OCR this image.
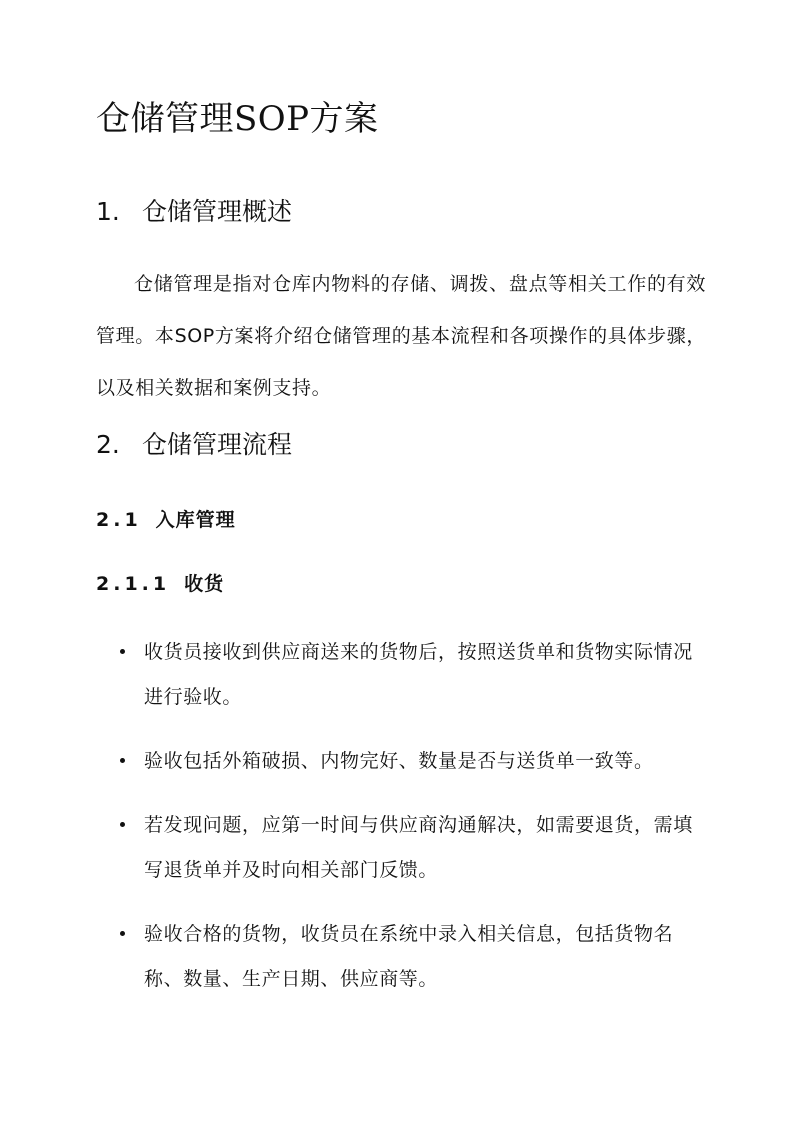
仓储管理SOP方案
1. 仓储管理概述

仓储管理是指对仓库内物料的存储、调拨、盘点等相关工作的有效管理。本SOP方案将介绍仓储管理的基本流程和各项操作的具体步骤，以及相关数据和案例支持。

2. 仓储管理流程
2.1 入库管理
2.1.1 收货
收货员接收到供应商送来的货物后，按照送货单和货物实际情况进行验收。
验收包括外箱破损、内物完好、数量是否与送货单一致等。
若发现问题，应第一时间与供应商沟通解决，如需要退货，需填写退货单并及时向相关部门反馈。
验收合格的货物，收货员在系统中录入相关信息，包括货物名称、数量、生产日期、供应商等。
